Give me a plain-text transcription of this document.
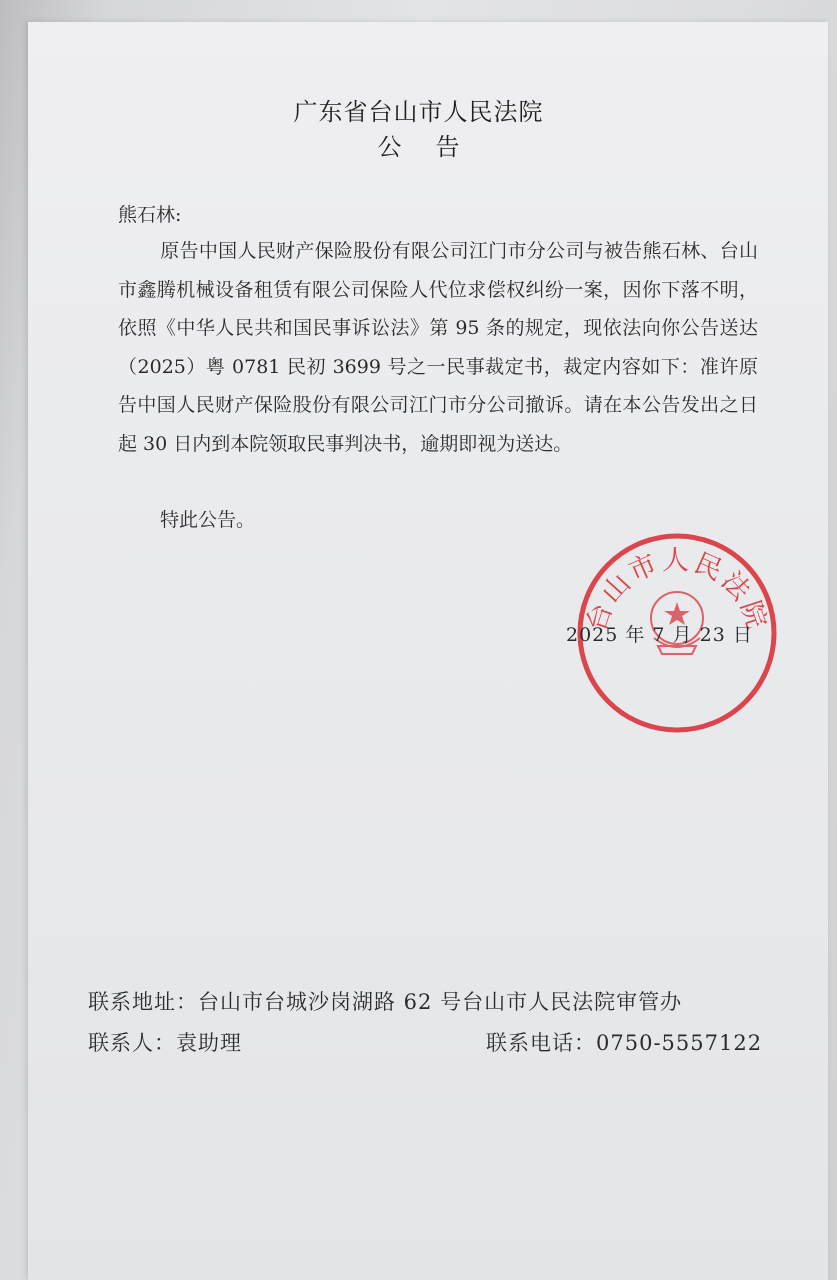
广东省台山市人民法院
公 告
熊石林:
原告中国人民财产保险股份有限公司江门市分公司与被告熊石林、台山市鑫腾机械设备租赁有限公司保险人代位求偿权纠纷一案，因你下落不明，依照《中华人民共和国民事诉讼法》第 95 条的规定，现依法向你公告送达（2025）粤 0781 民初 3699 号之一民事裁定书，裁定内容如下：准许原告中国人民财产保险股份有限公司江门市分公司撤诉。请在本公告发出之日起 30 日内到本院领取民事判决书，逾期即视为送达。
特此公告。
台山市人民法院
2025 年 7 月 23 日
联系地址：台山市台城沙岗湖路 62 号台山市人民法院审管办
联系人：袁助理	联系电话：0750-5557122
